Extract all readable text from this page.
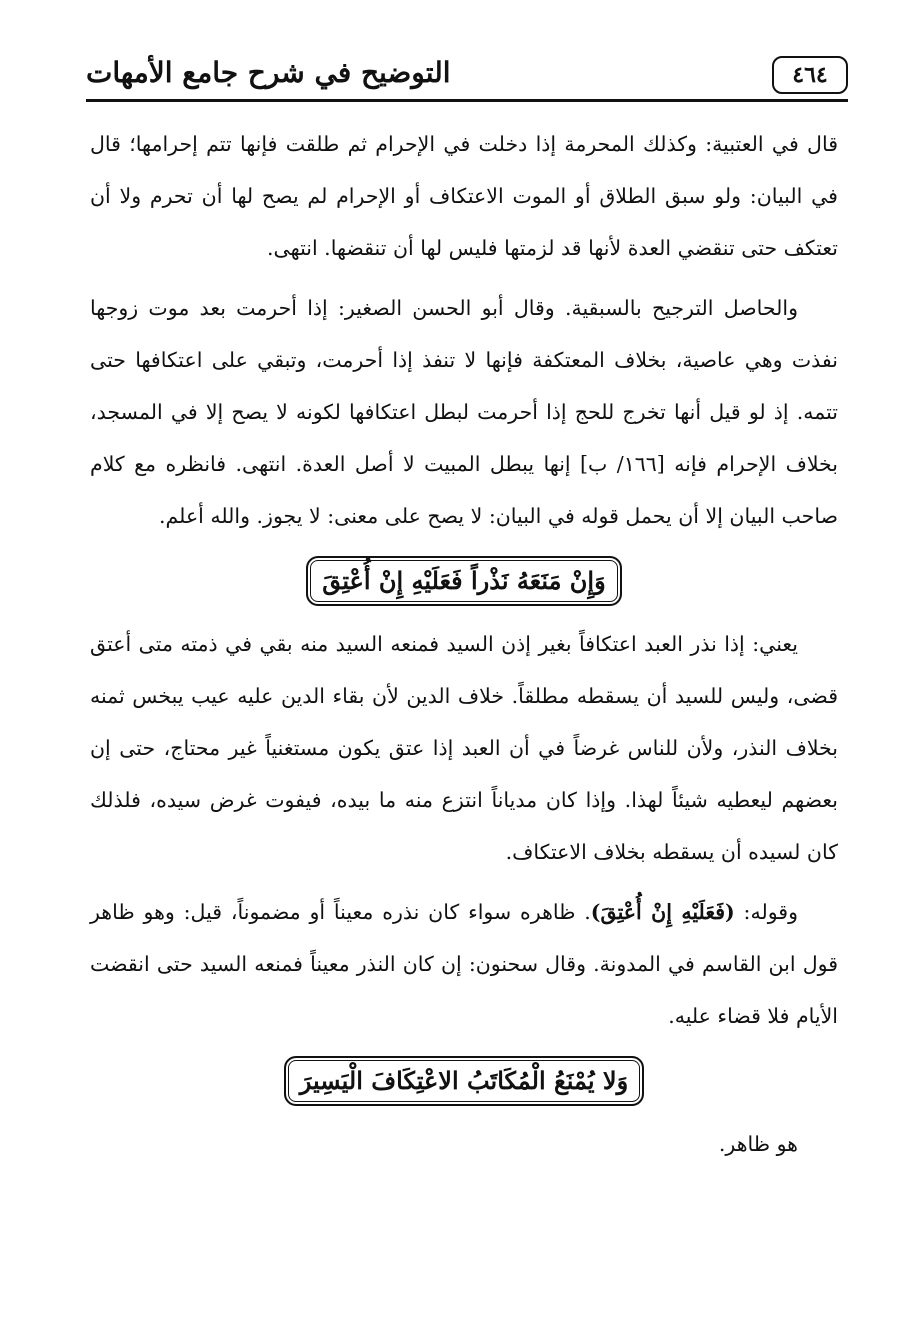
٤٦٤
التوضيح في شرح جامع الأمهات

قال في العتبية: وكذلك المحرمة إذا دخلت في الإحرام ثم طلقت فإنها تتم إحرامها؛ قال في البيان: ولو سبق الطلاق أو الموت الاعتكاف أو الإحرام لم يصح لها أن تحرم ولا أن تعتكف حتى تنقضي العدة لأنها قد لزمتها فليس لها أن تنقضها. انتهى.

والحاصل الترجيح بالسبقية. وقال أبو الحسن الصغير: إذا أحرمت بعد موت زوجها نفذت وهي عاصية، بخلاف المعتكفة فإنها لا تنفذ إذا أحرمت، وتبقي على اعتكافها حتى تتمه. إذ لو قيل أنها تخرج للحج إذا أحرمت لبطل اعتكافها لكونه لا يصح إلا في المسجد، بخلاف الإحرام فإنه [١٦٦/ ب] إنها يبطل المبيت لا أصل العدة. انتهى. فانظره مع كلام صاحب البيان إلا أن يحمل قوله في البيان: لا يصح على معنى: لا يجوز. والله أعلم.

وَإِنْ مَنَعَهُ نَذْراً فَعَلَيْهِ إِنْ أُعْتِقَ

يعني: إذا نذر العبد اعتكافاً بغير إذن السيد فمنعه السيد منه بقي في ذمته متى أعتق قضى، وليس للسيد أن يسقطه مطلقاً. خلاف الدين لأن بقاء الدين عليه عيب يبخس ثمنه بخلاف النذر، ولأن للناس غرضاً في أن العبد إذا عتق يكون مستغنياً غير محتاج، حتى إن بعضهم ليعطيه شيئاً لهذا. وإذا كان مدياناً انتزع منه ما بيده، فيفوت غرض سيده، فلذلك كان لسيده أن يسقطه بخلاف الاعتكاف.

وقوله: (فَعَلَيْهِ إِنْ أُعْتِقَ). ظاهره سواء كان نذره معيناً أو مضموناً، قيل: وهو ظاهر قول ابن القاسم في المدونة. وقال سحنون: إن كان النذر معيناً فمنعه السيد حتى انقضت الأيام فلا قضاء عليه.

وَلا يُمْنَعُ الْمُكَاتَبُ الاعْتِكَافَ الْيَسِيرَ

هو ظاهر.
